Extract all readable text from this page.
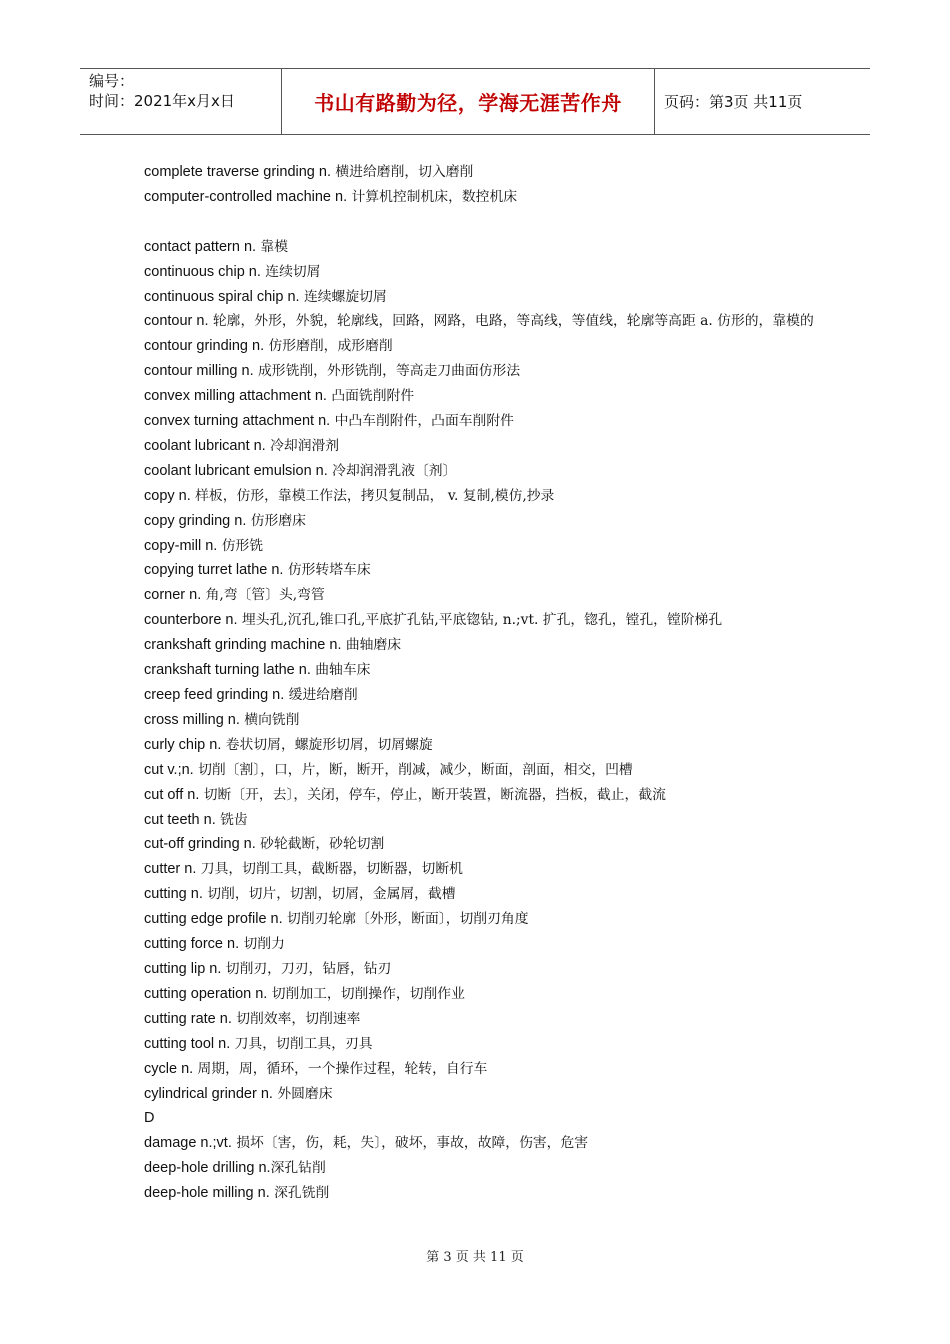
编号：
时间：2021年x月x日	书山有路勤为径，学海无涯苦作舟	页码：第3页 共11页
complete traverse grinding n. 横进给磨削，切入磨削
computer-controlled machine n. 计算机控制机床，数控机床
contact pattern n. 靠模
continuous chip n. 连续切屑
continuous spiral chip n. 连续螺旋切屑
contour n. 轮廓，外形，外貌，轮廓线，回路，网路，电路，等高线，等值线，轮廓等高距 a. 仿形的，靠模的
contour grinding n. 仿形磨削，成形磨削
contour milling n. 成形铣削，外形铣削，等高走刀曲面仿形法
convex milling attachment n. 凸面铣削附件
convex turning attachment n. 中凸车削附件，凸面车削附件
coolant lubricant n. 冷却润滑剂
coolant lubricant emulsion n. 冷却润滑乳液〔剂〕
copy n. 样板，仿形，靠模工作法，拷贝复制品， v. 复制,模仿,抄录
copy grinding n. 仿形磨床
copy-mill n. 仿形铣
copying turret lathe n. 仿形转塔车床
corner n. 角,弯〔管〕头,弯管
counterbore n. 埋头孔,沉孔,锥口孔,平底扩孔钻,平底锪钻, n.;vt. 扩孔，锪孔，镗孔，镗阶梯孔
crankshaft grinding machine n. 曲轴磨床
crankshaft turning lathe n. 曲轴车床
creep feed grinding n. 缓进给磨削
cross milling n. 横向铣削
curly chip n. 卷状切屑，螺旋形切屑，切屑螺旋
cut v.;n. 切削〔割〕，口，片，断，断开，削减，减少，断面，剖面，相交，凹槽
cut off n. 切断〔开，去〕，关闭，停车，停止，断开装置，断流器，挡板，截止，截流
cut teeth n. 铣齿
cut-off grinding n. 砂轮截断，砂轮切割
cutter n. 刀具，切削工具，截断器，切断器，切断机
cutting n. 切削，切片，切割，切屑，金属屑，截槽
cutting edge profile n. 切削刃轮廓〔外形，断面〕，切削刃角度
cutting force n. 切削力
cutting lip n. 切削刃，刀刃，钻唇，钻刃
cutting operation n. 切削加工，切削操作，切削作业
cutting rate n. 切削效率，切削速率
cutting tool n. 刀具，切削工具，刃具
cycle n. 周期，周，循环，一个操作过程，轮转，自行车
cylindrical grinder n. 外圆磨床
D
damage n.;vt. 损坏〔害，伤，耗，失〕，破坏，事故，故障，伤害，危害
deep-hole drilling n.深孔钻削
deep-hole milling n. 深孔铣削
第 3 页 共 11 页
